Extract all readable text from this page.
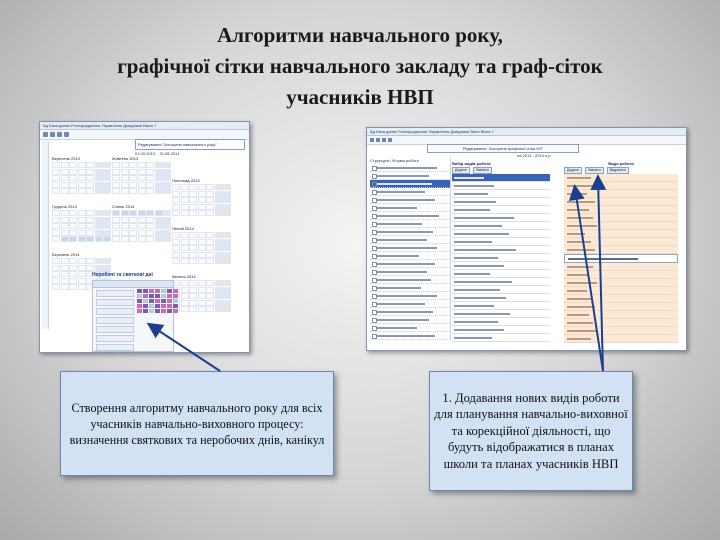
Алгоритми навчального року,
графічної сітки навчального закладу та граф-сіток
учасників НВП
Бд База даних Розпорядження Управління Довідники Вікна ?
Редагування "Алгоритм навчального року"
01.09.2013 31.08.2014
Вересень 2013	Жовтень 2013
Листопад 2013
Грудень 2013	Січень 2014
Лютий 2014
Березень 2014
Квітень 2014
Неробочі та святкові дні
Бд База даних Розпорядження Управління Довідники Звіти Вікна ?
Редагування "Алгоритм графічної сітки НЗ"
на 2013 - 2014 н.р.
Структура / Форма роботи
Вибір видів роботи
Додати	Змінити
Види роботи
Додати	Змінити	Видалити
Створення алгоритму навчального року для всіх учасників навчально-виховного процесу: визначення святкових та неробочих днів, канікул
1. Додавання нових видів роботи для планування навчально-виховної та корекційної діяльності, що будуть відображатися в планах школи та планах учасників НВП
